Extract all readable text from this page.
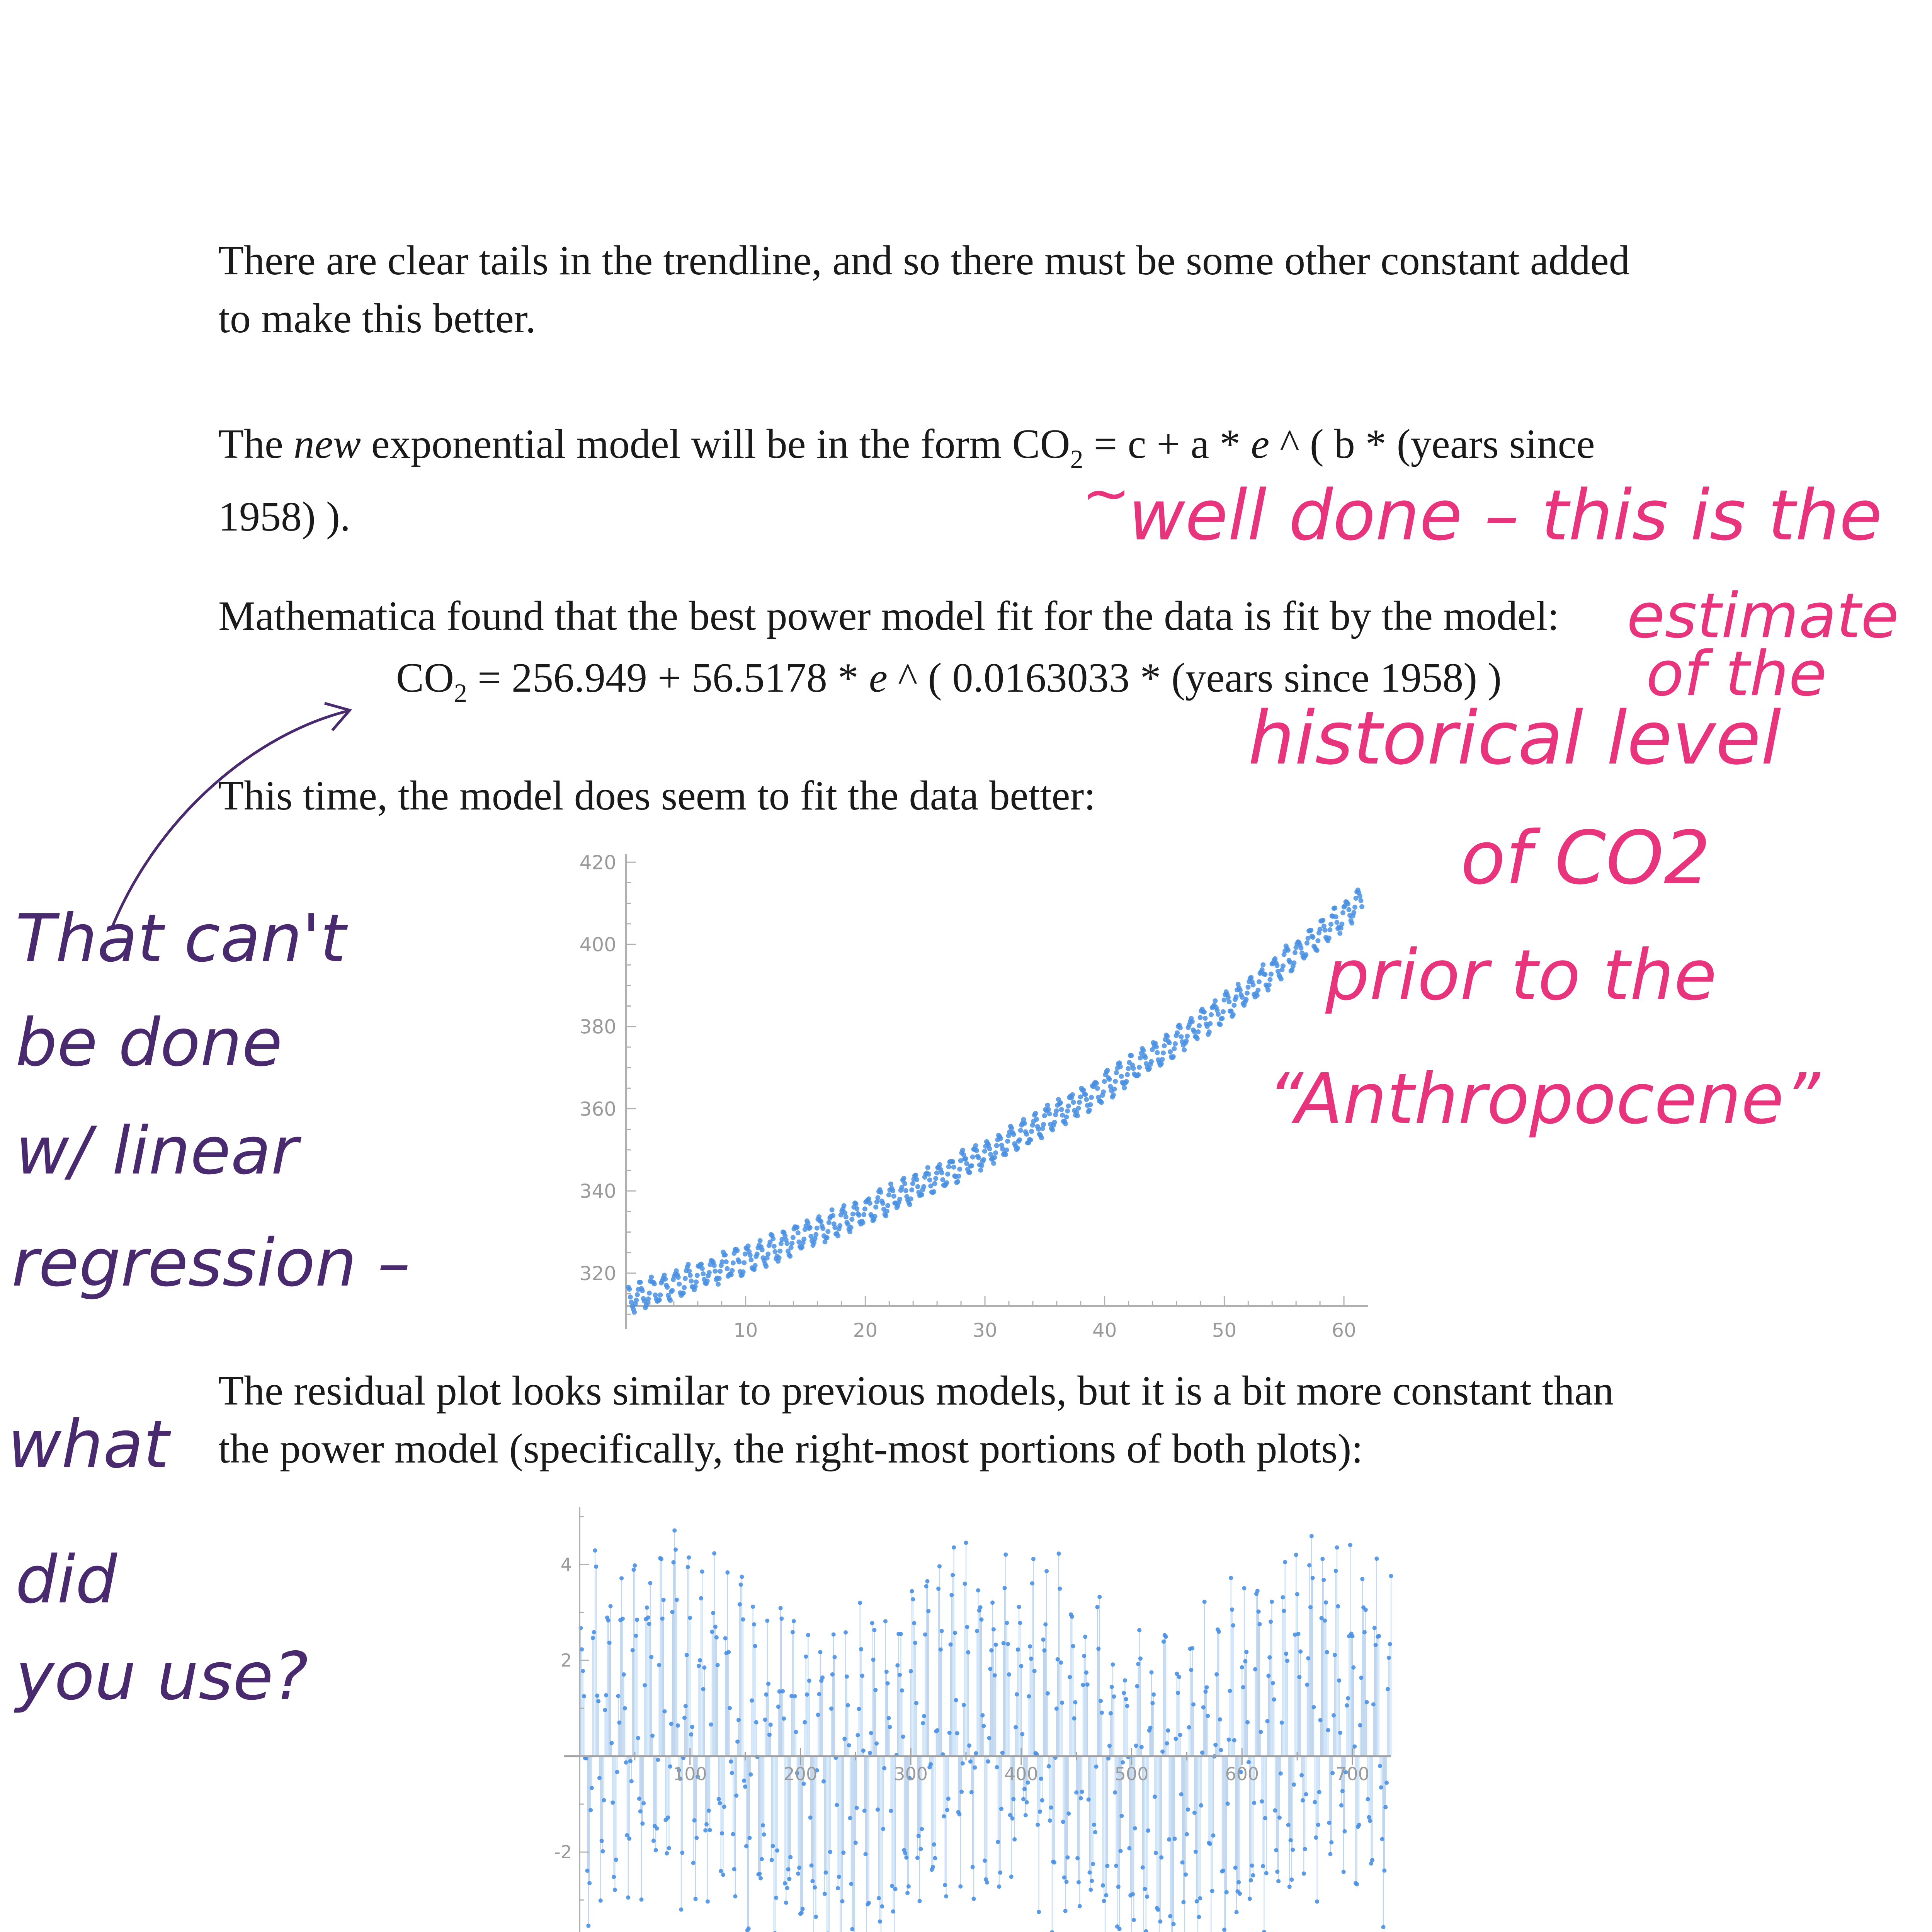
There are clear tails in the trendline, and so there must be some other constant added
to make this better.
The new exponential model will be in the form $CO_2 = c + a * e$ ^ ( b * (years since
1958) ).
Mathematica found that the best power model fit for the data is fit by the model:
$CO_2 = 256.949 + 56.5178 * e$ ^ ( 0.0163033 * (years since 1958) )
This time, the model does seem to fit the data better:
320
340
360
380
400
420
10	20	30	40	50	60
The residual plot looks similar to previous models, but it is a bit more constant than
the power model (specifically, the right-most portions of both plots):
-2
2
4
100	200	300	400	500	600	700
~
well done – this is the
estimate
of the
historical level
of CO2
prior to the
“Anthropocene”
That can't
be done
w/ linear
regression –
what
did
you use?
